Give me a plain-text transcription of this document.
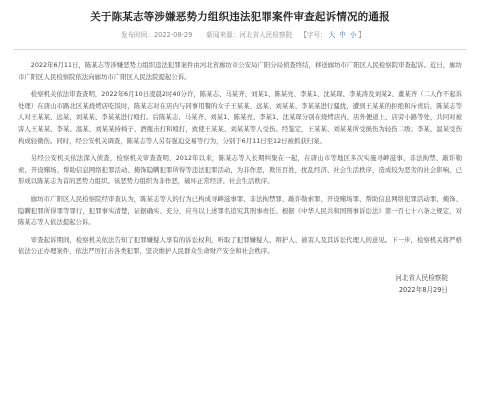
关于陈某志等涉嫌恶势力组织违法犯罪案件审查起诉情况的通报
发布时间：2022-08-29 新闻来源：河北省人民检察院 【字号： 大 中 小 】

2022年6月11日，陈某志等涉嫌恶势力组织违法犯罪案件由河北省廊坊市公安局广阳分局侦查终结，移送廊坊市广阳区人民检察院审查起诉。近日，廊坊市广阳区人民检察院依法向廊坊市广阳区人民法院提起公诉。

检察机关依法审查查明，2022年6月10日凌晨2时40分许，陈某志、马某齐、刘某1、陈某亮、李某1、沈某琛、李某涛及刘某2、董某齐（二人作不起诉处理）在唐山市路北区某烧烤店吃饭时，陈某志对在店内与同事用餐的女子王某某、远某、刘某某、李某某进行骚扰，遭到王某某的拒绝和斥责后，陈某志等人对王某某、远某、刘某某、李某某进行殴打。后陈某志、马某齐、刘某1、陈某亮、李某1、沈某琛分别在烧烤店内、店外便道上、店旁小路等处，共同对被害人王某某、李某、温某、刘某某持椅子、酒瓶击打和殴打，致使王某某、刘某某等人受伤。经鉴定，王某某、刘某某所受损伤为轻伤二级；李某、温某受伤构成轻微伤。同时，经公安机关调查，陈某志等人另有强迫交易等行为，分别于6月11日至12日被抓获归案。

另经公安机关依法深入侦查，检察机关审查查明，2012年以来，陈某志等人长期纠集在一起，在唐山市等地区多次实施寻衅滋事、非法拘禁、敲诈勒索、开设赌场、帮助信息网络犯罪活动、掩饰隐瞒犯罪所得等违法犯罪活动，为非作恶，欺压百姓，扰乱经济、社会生活秩序，造成较为恶劣的社会影响，已形成以陈某志为首的恶势力组织。该恶势力组织为非作恶，破坏正常经济、社会生活秩序。

廊坊市广阳区人民检察院经审查认为，陈某志等人的行为已构成寻衅滋事罪、非法拘禁罪、敲诈勒索罪、开设赌场罪、帮助信息网络犯罪活动罪、掩饰、隐瞒犯罪所得罪等罪行，犯罪事实清楚，证据确实、充分，应当以上述罪名追究其刑事责任。根据《中华人民共和国刑事诉讼法》第一百七十六条之规定，对陈某志等人依法提起公诉。

审查起诉期间，检察机关依法告知了犯罪嫌疑人享有的诉讼权利，听取了犯罪嫌疑人、辩护人、被害人及其诉讼代理人的意见。下一步，检察机关将严格依法公正办理案件，依法严厉打击各类犯罪，坚决维护人民群众生命财产安全和社会秩序。

河北省人民检察院
2022年8月29日
